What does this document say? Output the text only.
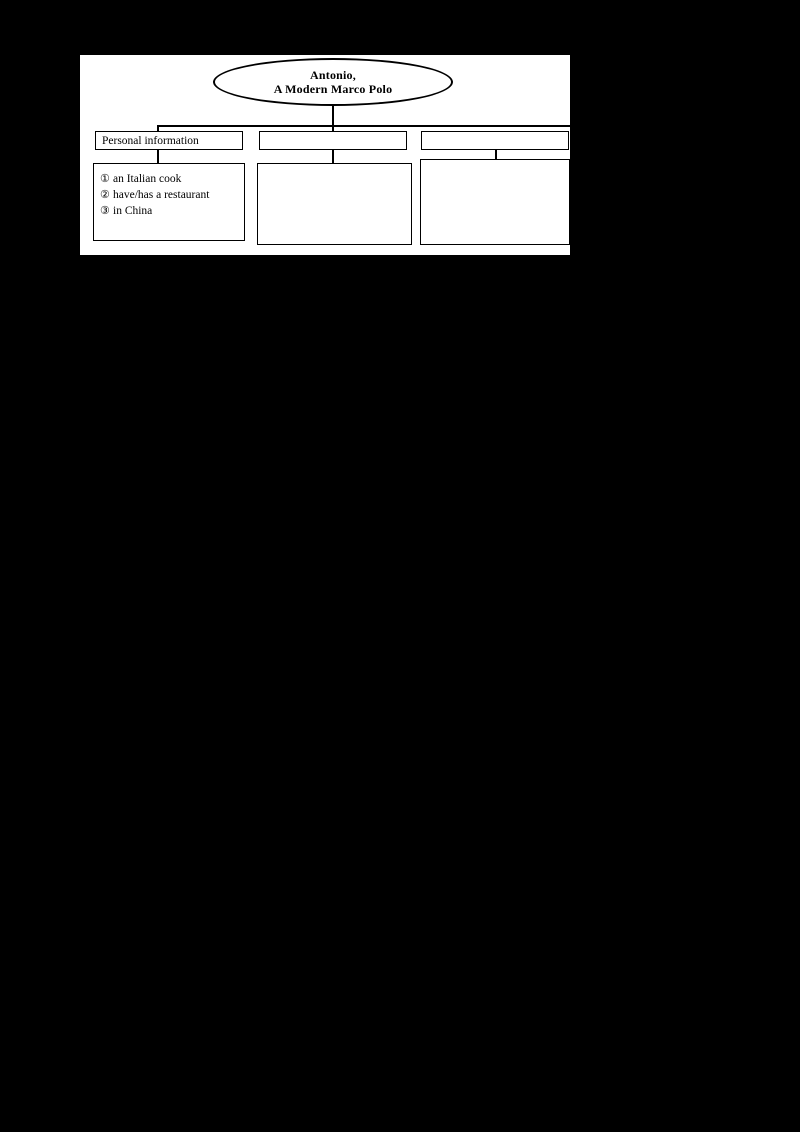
Antonio,
A Modern Marco Polo
Personal information
① an Italian cook
② have/has a restaurant
③ in China
